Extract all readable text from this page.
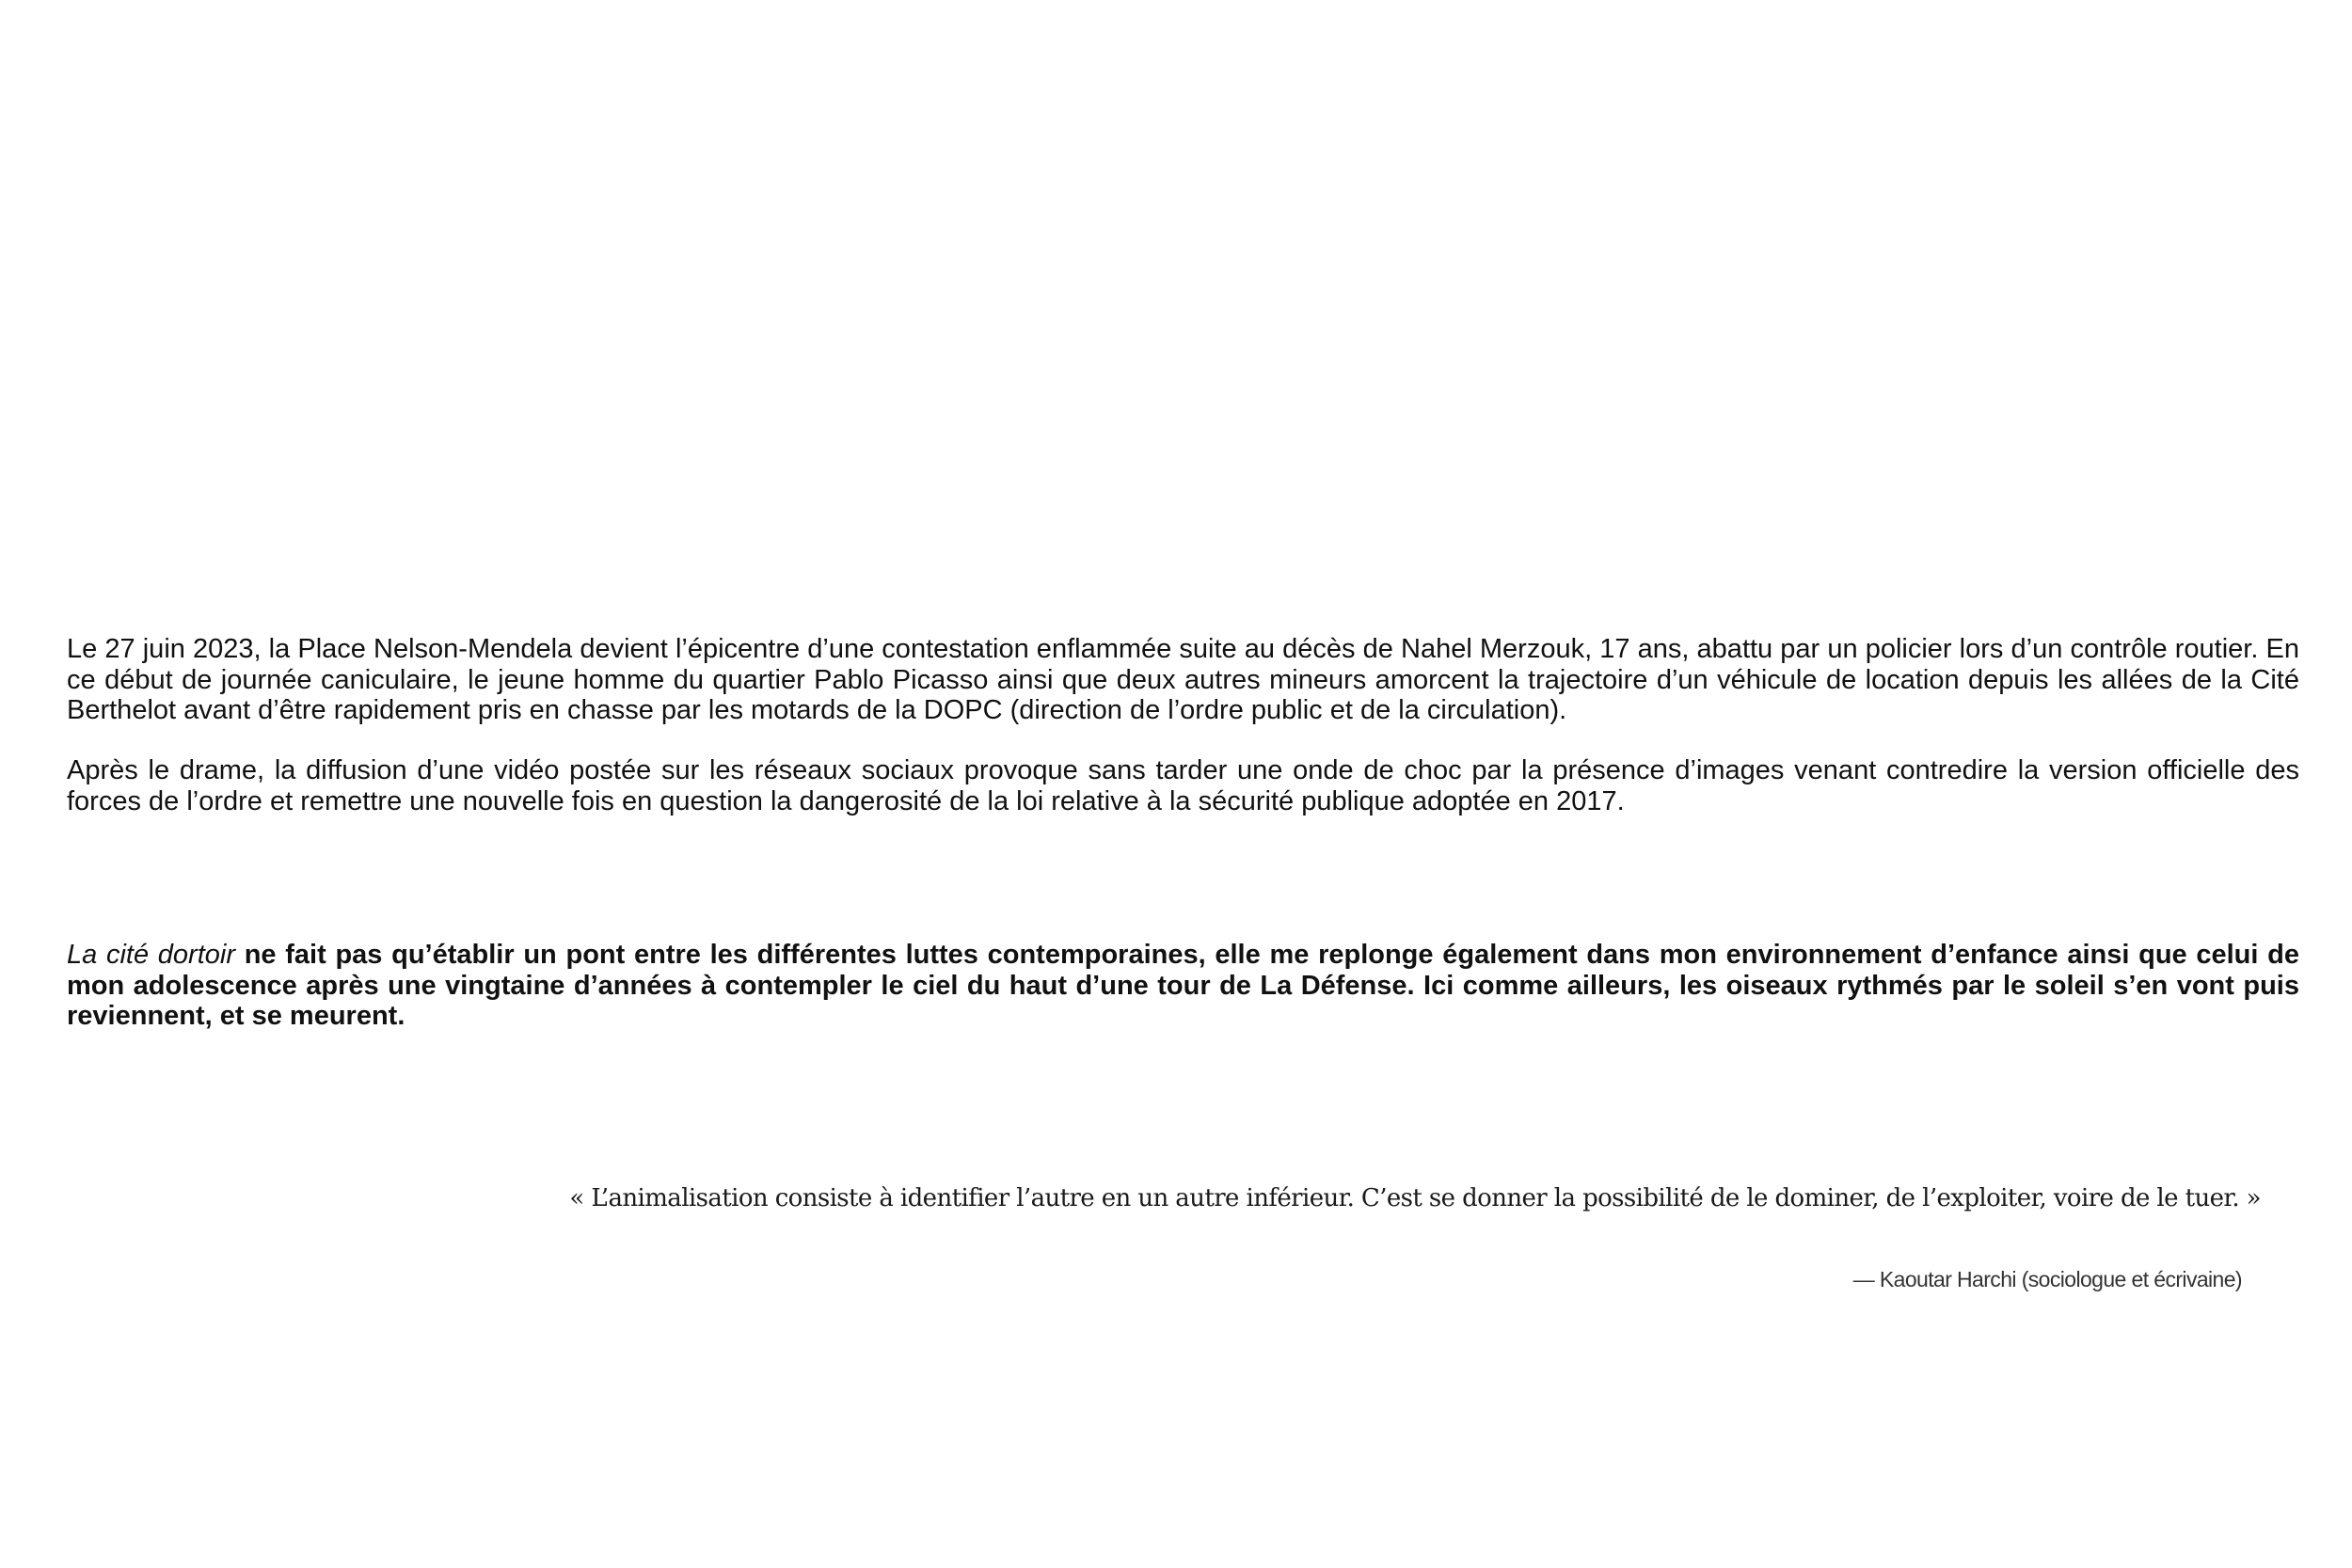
Le 27 juin 2023, la Place Nelson-Mendela devient l’épicentre d’une contestation enflammée suite au décès de Nahel Merzouk, 17 ans, abattu par un policier lors d’un contrôle routier. En ce début de journée caniculaire, le jeune homme du quartier Pablo Picasso ainsi que deux autres mineurs amorcent la trajectoire d’un véhicule de location depuis les allées de la Cité Berthelot avant d’être rapidement pris en chasse par les motards de la DOPC (direction de l’ordre public et de la circulation).

Après le drame, la diffusion d’une vidéo postée sur les réseaux sociaux provoque sans tarder une onde de choc par la présence d’images venant contredire la version officielle des forces de l’ordre et remettre une nouvelle fois en question la dangerosité de la loi relative à la sécurité publique adoptée en 2017.

La cité dortoir ne fait pas qu’établir un pont entre les différentes luttes contemporaines, elle me replonge également dans mon environnement d’enfance ainsi que celui de mon adolescence après une vingtaine d’années à contempler le ciel du haut d’une tour de La Défense. Ici comme ailleurs, les oiseaux rythmés par le soleil s’en vont puis reviennent, et se meurent.

« L’animalisation consiste à identifier l’autre en un autre inférieur. C’est se donner la possibilité de le dominer, de l’exploiter, voire de le tuer. »

— Kaoutar Harchi (sociologue et écrivaine)
